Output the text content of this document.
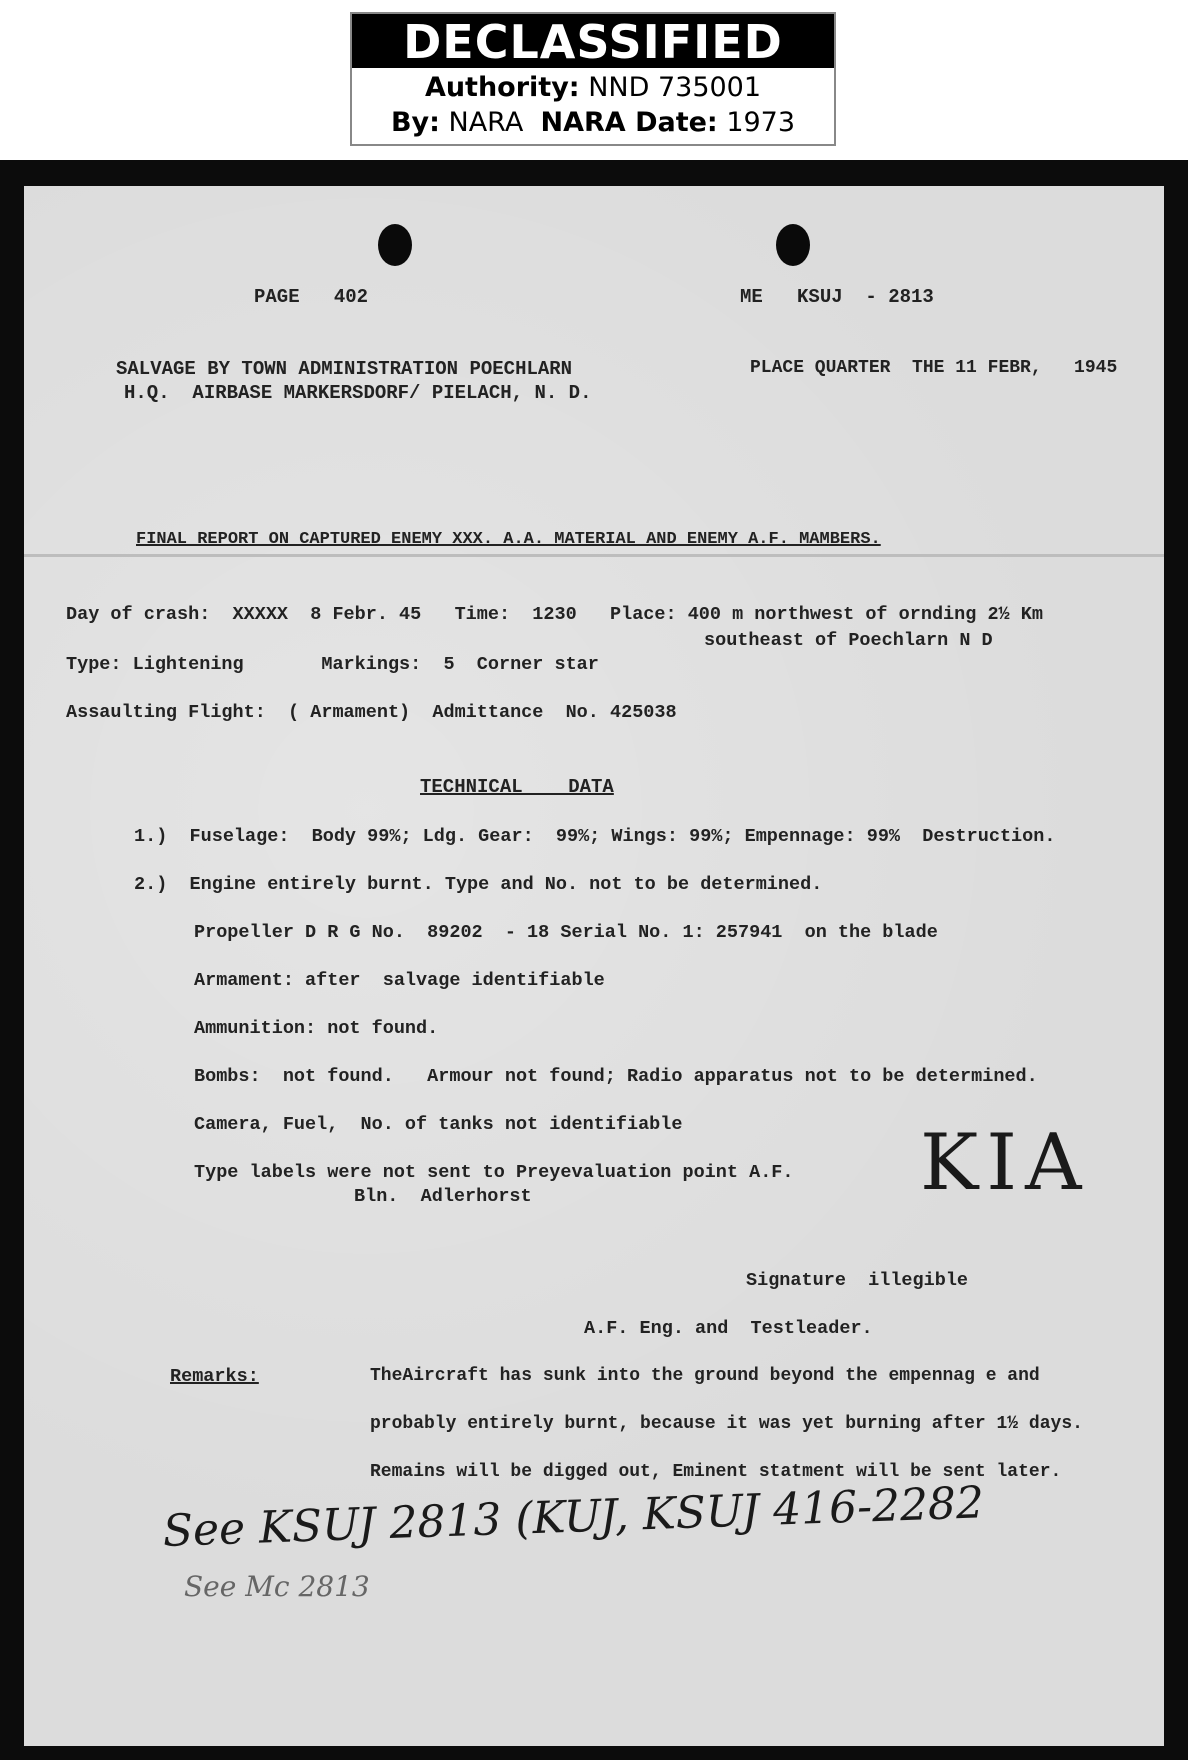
DECLASSIFIED
Authority: NND 735001
By: NARA NARA Date: 1973
PAGE   402	ME   KSUJ  - 2813
SALVAGE BY TOWN ADMINISTRATION POECHLARN
H.Q.  AIRBASE MARKERSDORF/ PIELACH, N. D.
PLACE QUARTER  THE 11 FEBR,   1945
FINAL REPORT ON CAPTURED ENEMY XXX. A.A. MATERIAL AND ENEMY A.F. MAMBERS.
Day of crash:  XXXXX  8 Febr. 45   Time:  1230   Place: 400 m northwest of ornding 2½ Km
southeast of Poechlarn N D
Type: Lightening       Markings:  5  Corner star
Assaulting Flight:  ( Armament)  Admittance  No. 425038
TECHNICAL    DATA
1.)  Fuselage:  Body 99%; Ldg. Gear:  99%; Wings: 99%; Empennage: 99%  Destruction.
2.)  Engine entirely burnt. Type and No. not to be determined.
Propeller D R G No.  89202  - 18 Serial No. 1: 257941  on the blade
Armament: after  salvage identifiable
Ammunition: not found.
Bombs:  not found.   Armour not found; Radio apparatus not to be determined.
Camera, Fuel,  No. of tanks not identifiable
Type labels were not sent to Preyevaluation point A.F.
Bln.  Adlerhorst	KIA
Signature  illegible
A.F. Eng. and  Testleader.
Remarks:	TheAircraft has sunk into the ground beyond the empennag e and
probably entirely burnt, because it was yet burning after 1½ days.
Remains will be digged out, Eminent statment will be sent later.
See KSUJ 2813 (KUJ, KSUJ 416-2282
See Mc 2813
